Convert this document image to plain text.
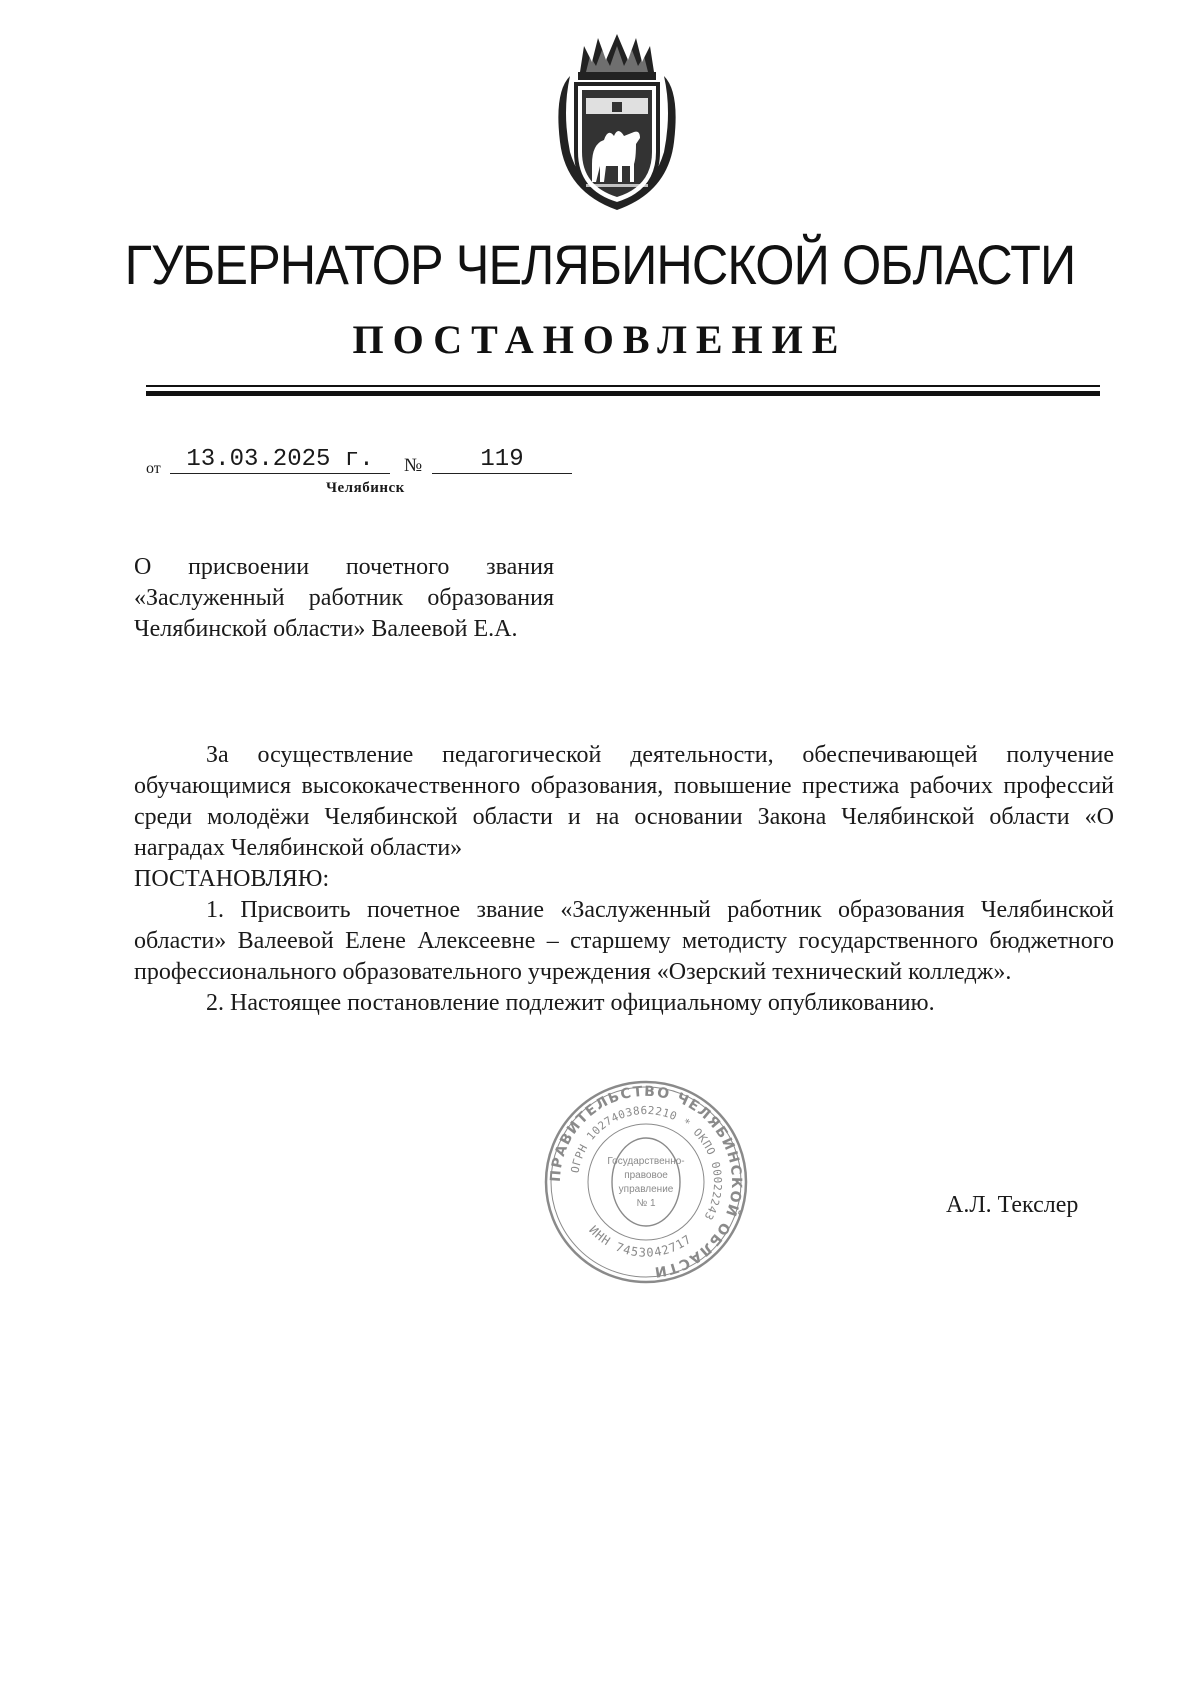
ГУБЕРНАТОР ЧЕЛЯБИНСКОЙ ОБЛАСТИ
ПОСТАНОВЛЕНИЕ
от	13.03.2025 г.	№	119
Челябинск
О присвоении почетного звания «Заслуженный работник образования Челябинской области» Валеевой Е.А.

За осуществление педагогической деятельности, обеспечивающей получение обучающимися высококачественного образования, повышение престижа рабочих профессий среди молодёжи Челябинской области и на основании Закона Челябинской области «О наградах Челябинской области»

ПОСТАНОВЛЯЮ:

1. Присвоить почетное звание «Заслуженный работник образования Челябинской области» Валеевой Елене Алексеевне – старшему методисту государственного бюджетного профессионального образовательного учреждения «Озерский технический колледж».

2. Настоящее постановление подлежит официальному опубликованию.

ПРАВИТЕЛЬСТВО ЧЕЛЯБИНСКОЙ ОБЛАСТИ
ОГРН 1027403862210 * ОКПО 00022243
ИНН 7453042717
Государственно-
правовое
управление
№ 1	А.Л. Текслер
